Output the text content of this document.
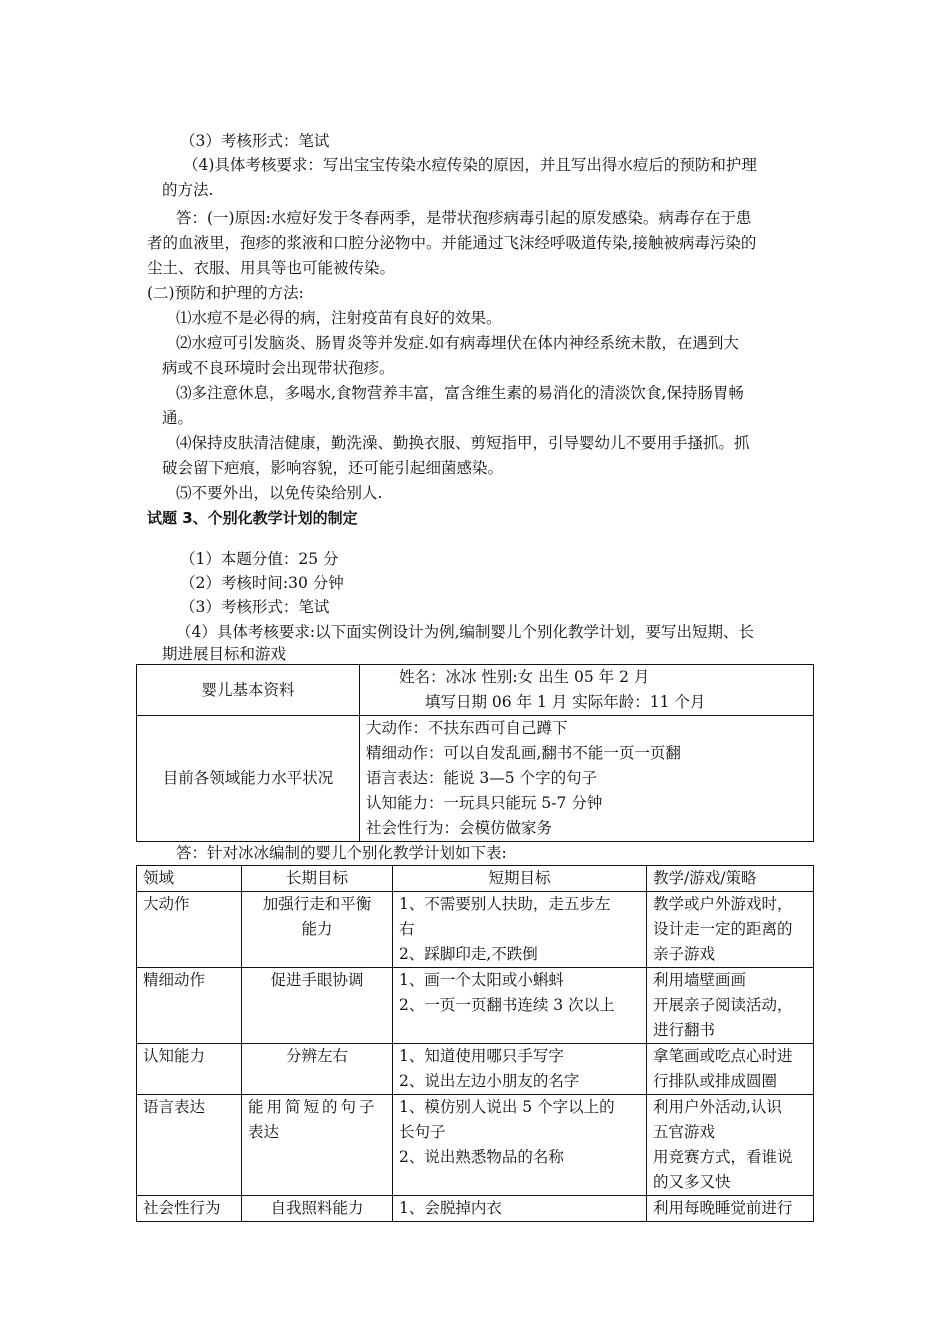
（3）考核形式：笔试
（4)具体考核要求：写出宝宝传染水痘传染的原因，并且写出得水痘后的预防和护理
的方法.
答：(一)原因:水痘好发于冬春两季，是带状孢疹病毒引起的原发感染。病毒存在于患
者的血液里，孢疹的浆液和口腔分泌物中。并能通过飞沫经呼吸道传染,接触被病毒污染的
尘土、衣服、用具等也可能被传染。
(二)预防和护理的方法:
⑴水痘不是必得的病，注射疫苗有良好的效果。
⑵水痘可引发脑炎、肠胃炎等并发症.如有病毒埋伏在体内神经系统未散，在遇到大
病或不良环境时会出现带状孢疹。
⑶多注意休息，多喝水,食物营养丰富，富含维生素的易消化的清淡饮食,保持肠胃畅
通。
⑷保持皮肤清洁健康，勤洗澡、勤换衣服、剪短指甲，引导婴幼儿不要用手搔抓。抓
破会留下疤痕，影响容貌，还可能引起细菌感染。
⑸不要外出，以免传染给别人.
试题 3、个别化教学计划的制定
（1）本题分值：25 分
（2）考核时间:30 分钟
（3）考核形式：笔试
（4）具体考核要求:以下面实例设计为例,编制婴儿个别化教学计划，要写出短期、长
期进展目标和游戏
婴儿基本资料	姓名：冰冰 性别:女 出生 05 年 2 月
填写日期 06 年 1 月 实际年龄：11 个月

目前各领域能力水平状况	大动作：不扶东西可自己蹲下
精细动作：可以自发乱画,翻书不能一页一页翻
语言表达：能说 3—5 个字的句子
认知能力：一玩具只能玩 5-7 分钟
社会性行为：会模仿做家务
答：针对冰冰编制的婴儿个别化教学计划如下表:
领域	长期目标	短期目标	教学/游戏/策略
大动作	加强行走和平衡
能力	1、不需要别人扶助，走五步左
右
2、踩脚印走,不跌倒	教学或户外游戏时，
设计走一定的距离的
亲子游戏

精细动作	促进手眼协调	1、画一个太阳或小蝌蚪
2、一页一页翻书连续 3 次以上	利用墙壁画画
开展亲子阅读活动，
进行翻书

认知能力	分辨左右	1、知道使用哪只手写字
2、说出左边小朋友的名字	拿笔画或吃点心时进
行排队或排成圆圈

语言表达	能用简短的句子
表达	1、模仿别人说出 5 个字以上的
长句子
2、说出熟悉物品的名称	利用户外活动,认识
五官游戏
用竞赛方式，看谁说
的又多又快

社会性行为	自我照料能力	1、会脱掉内衣	利用每晚睡觉前进行
